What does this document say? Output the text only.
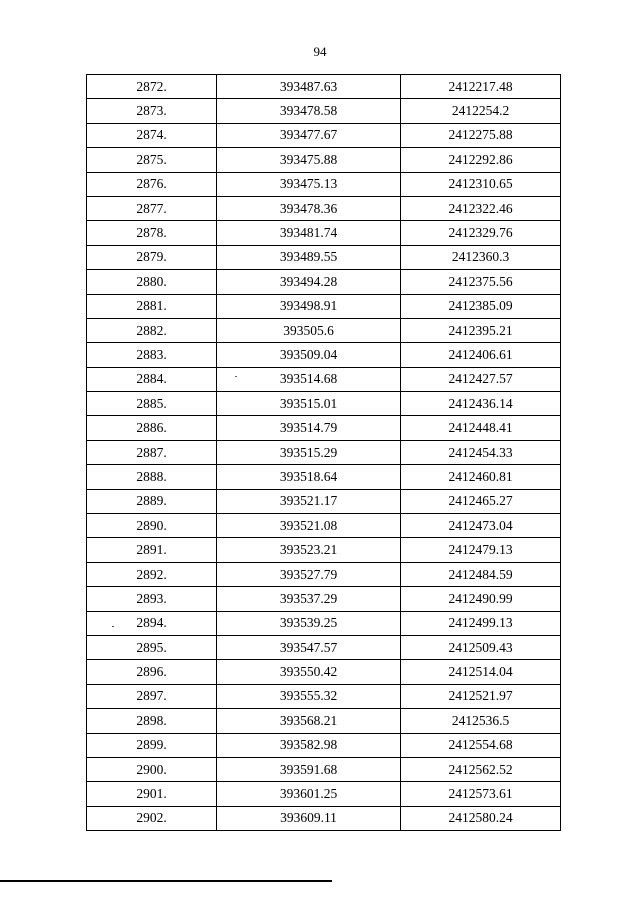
94
2872.	393487.63	2412217.48
2873.	393478.58	2412254.2
2874.	393477.67	2412275.88
2875.	393475.88	2412292.86
2876.	393475.13	2412310.65
2877.	393478.36	2412322.46
2878.	393481.74	2412329.76
2879.	393489.55	2412360.3
2880.	393494.28	2412375.56
2881.	393498.91	2412385.09
2882.	393505.6	2412395.21
2883.	393509.04	2412406.61
2884.	393514.68	2412427.57
2885.	393515.01	2412436.14
2886.	393514.79	2412448.41
2887.	393515.29	2412454.33
2888.	393518.64	2412460.81
2889.	393521.17	2412465.27
2890.	393521.08	2412473.04
2891.	393523.21	2412479.13
2892.	393527.79	2412484.59
2893.	393537.29	2412490.99
2894.	393539.25	2412499.13
2895.	393547.57	2412509.43
2896.	393550.42	2412514.04
2897.	393555.32	2412521.97
2898.	393568.21	2412536.5
2899.	393582.98	2412554.68
2900.	393591.68	2412562.52
2901.	393601.25	2412573.61
2902.	393609.11	2412580.24
